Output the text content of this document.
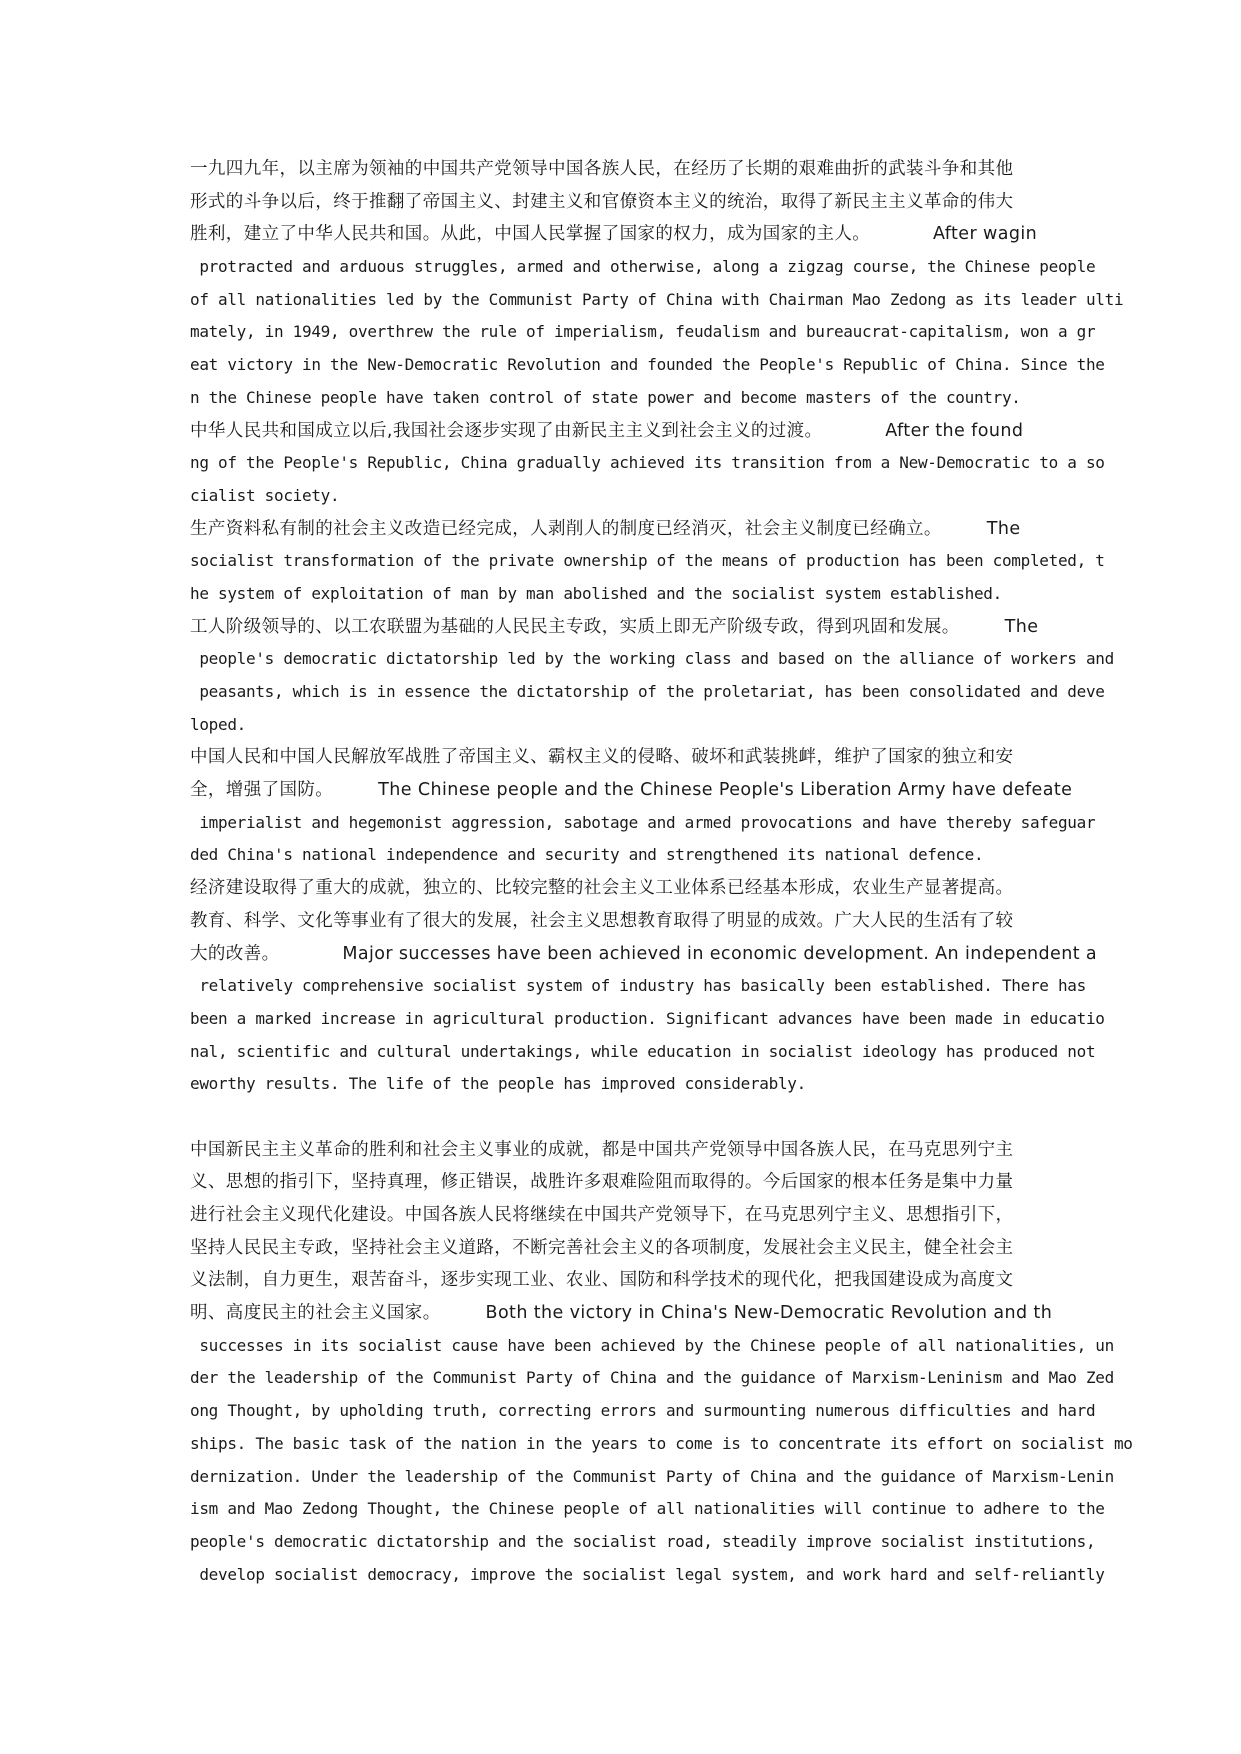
一九四九年，以主席为领袖的中国共产党领导中国各族人民，在经历了长期的艰难曲折的武装斗争和其他
形式的斗争以后，终于推翻了帝国主义、封建主义和官僚资本主义的统治，取得了新民主主义革命的伟大
胜利，建立了中华人民共和国。从此，中国人民掌握了国家的权力，成为国家的主人。　　　　After wagin
protracted and arduous struggles, armed and otherwise, along a zigzag course, the Chinese people
of all nationalities led by the Communist Party of China with Chairman Mao Zedong as its leader ulti
mately, in 1949, overthrew the rule of imperialism, feudalism and bureaucrat-capitalism, won a gr
eat victory in the New-Democratic Revolution and founded the People's Republic of China. Since the
n the Chinese people have taken control of state power and become masters of the country.
中华人民共和国成立以后,我国社会逐步实现了由新民主主义到社会主义的过渡。　　　　After the found
ng of the People's Republic, China gradually achieved its transition from a New-Democratic to a so
cialist society.
生产资料私有制的社会主义改造已经完成，人剥削人的制度已经消灭，社会主义制度已经确立。　　　The
socialist transformation of the private ownership of the means of production has been completed, t
he system of exploitation of man by man abolished and the socialist system established.
工人阶级领导的、以工农联盟为基础的人民民主专政，实质上即无产阶级专政，得到巩固和发展。　　　The
people's democratic dictatorship led by the working class and based on the alliance of workers and
peasants, which is in essence the dictatorship of the proletariat, has been consolidated and deve
loped.
中国人民和中国人民解放军战胜了帝国主义、霸权主义的侵略、破坏和武装挑衅，维护了国家的独立和安
全，增强了国防。　　　The Chinese people and the Chinese People's Liberation Army have defeate
imperialist and hegemonist aggression, sabotage and armed provocations and have thereby safeguar
ded China's national independence and security and strengthened its national defence.
经济建设取得了重大的成就，独立的、比较完整的社会主义工业体系已经基本形成，农业生产显著提高。
教育、科学、文化等事业有了很大的发展，社会主义思想教育取得了明显的成效。广大人民的生活有了较
大的改善。　　　　Major successes have been achieved in economic development. An independent a
relatively comprehensive socialist system of industry has basically been established. There has
been a marked increase in agricultural production. Significant advances have been made in educatio
nal, scientific and cultural undertakings, while education in socialist ideology has produced not
eworthy results. The life of the people has improved considerably.
中国新民主主义革命的胜利和社会主义事业的成就，都是中国共产党领导中国各族人民，在马克思列宁主
义、思想的指引下，坚持真理，修正错误，战胜许多艰难险阻而取得的。今后国家的根本任务是集中力量
进行社会主义现代化建设。中国各族人民将继续在中国共产党领导下，在马克思列宁主义、思想指引下，
坚持人民民主专政，坚持社会主义道路，不断完善社会主义的各项制度，发展社会主义民主，健全社会主
义法制，自力更生，艰苦奋斗，逐步实现工业、农业、国防和科学技术的现代化，把我国建设成为高度文
明、高度民主的社会主义国家。　　　Both the victory in China's New-Democratic Revolution and th
successes in its socialist cause have been achieved by the Chinese people of all nationalities, un
der the leadership of the Communist Party of China and the guidance of Marxism-Leninism and Mao Zed
ong Thought, by upholding truth, correcting errors and surmounting numerous difficulties and hard
ships. The basic task of the nation in the years to come is to concentrate its effort on socialist mo
dernization. Under the leadership of the Communist Party of China and the guidance of Marxism-Lenin
ism and Mao Zedong Thought, the Chinese people of all nationalities will continue to adhere to the
people's democratic dictatorship and the socialist road, steadily improve socialist institutions,
develop socialist democracy, improve the socialist legal system, and work hard and self-reliantly
